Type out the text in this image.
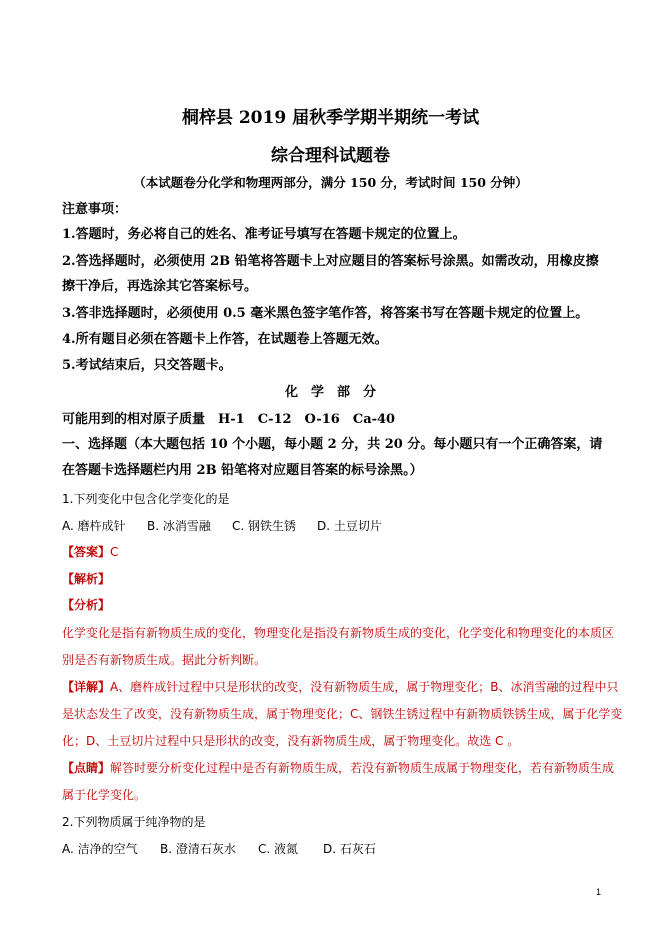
桐梓县 2019 届秋季学期半期统一考试
综合理科试题卷
（本试题卷分化学和物理两部分，满分 150 分，考试时间 150 分钟）
注意事项：
1.答题时，务必将自己的姓名、准考证号填写在答题卡规定的位置上。
2.答选择题时，必须使用 2B 铅笔将答题卡上对应题目的答案标号涂黑。如需改动，用橡皮擦
擦干净后，再选涂其它答案标号。
3.答非选择题时，必须使用 0.5 毫米黑色签字笔作答，将答案书写在答题卡规定的位置上。
4.所有题目必须在答题卡上作答，在试题卷上答题无效。
5.考试结束后，只交答题卡。
化　学　部　分
可能用到的相对原子质量　H-1　C-12　O-16　Ca-40
一、选择题（本大题包括 10 个小题，每小题 2 分，共 20 分。每小题只有一个正确答案，请
在答题卡选择题栏内用 2B 铅笔将对应题目答案的标号涂黑。）
1.下列变化中包含化学变化的是
A. 磨杵成针 B. 冰消雪融 C. 钢铁生锈 D. 土豆切片
【答案】C
【解析】
【分析】
化学变化是指有新物质生成的变化，物理变化是指没有新物质生成的变化，化学变化和物理变化的本质区
别是否有新物质生成。据此分析判断。
【详解】A、磨杵成针过程中只是形状的改变，没有新物质生成，属于物理变化；B、冰消雪融的过程中只
是状态发生了改变，没有新物质生成，属于物理变化；C、钢铁生锈过程中有新物质铁锈生成，属于化学变
化；D、土豆切片过程中只是形状的改变，没有新物质生成，属于物理变化。故选 C 。
【点睛】解答时要分析变化过程中是否有新物质生成，若没有新物质生成属于物理变化，若有新物质生成
属于化学变化。
2.下列物质属于纯净物的是
A. 洁净的空气 B. 澄清石灰水 C. 液氮 D. 石灰石
1
